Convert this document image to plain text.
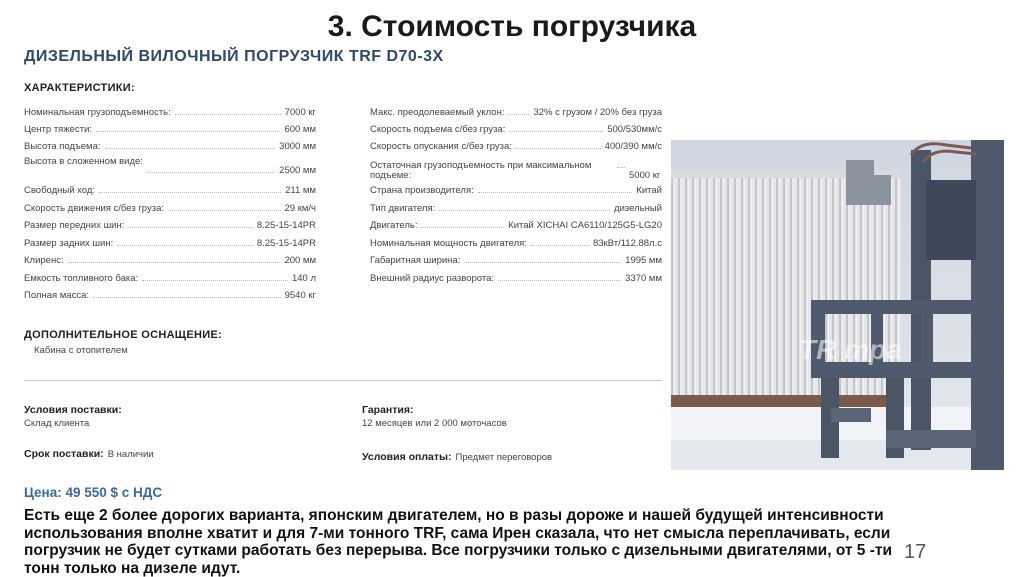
3. Стоимость погрузчика
ДИЗЕЛЬНЫЙ ВИЛОЧНЫЙ ПОГРУЗЧИК TRF D70-3X
ХАРАКТЕРИСТИКИ:
Номинальная грузоподъемность:	7000 кг
Центр тяжести:	600 мм
Высота подъема:	3000 мм
Высота в сложенном виде:
2500 мм
Свободный ход:	211 мм
Скорость движения с/без груза:	29 км/ч
Размер передних шин:	8.25-15-14PR
Размер задних шин:	8.25-15-14PR
Клиренс:	200 мм
Емкость топливного бака:	140 л
Полная масса:	9540 кг
Макс. преодолеваемый уклон:	32% с грузом / 20% без груза
Скорость подъема с/без груза:	500/530мм/с
Скорость опускания с/без груза:	400/390 мм/с
Остаточная грузоподъемность при максимальном подъеме:	5000 кг
Страна производителя:	Китай
Тип двигателя:	дизельный
Двигатель:	Китай XICHAI CA6110/125G5-LG20
Номинальная мощность двигателя:	83кВт/112.88л.с
Габаритная ширина:	1995 мм
Внешний радиус разворота:	3370 мм
ДОПОЛНИТЕЛЬНОЕ ОСНАЩЕНИЕ:
Кабина с отопителем
Условия поставки:
Склад клиента
Гарантия:
12 месяцев или 2 000 моточасов
Срок поставки: В наличии	Условия оплаты: Предмет переговоров
Цена: 49 550 $ с НДС
Есть еще 2 более дорогих варианта, японским двигателем, но в разы дороже и нашей будущей интенсивности использования вполне хватит и для 7-ми тонного TRF, сама Ирен сказала, что нет смысла переплачивать, если погрузчик не будет сутками работать без перерыва. Все погрузчики только с дизельными двигателями, от 5 -ти тонн только на дизеле идут.
TR mpa
17
